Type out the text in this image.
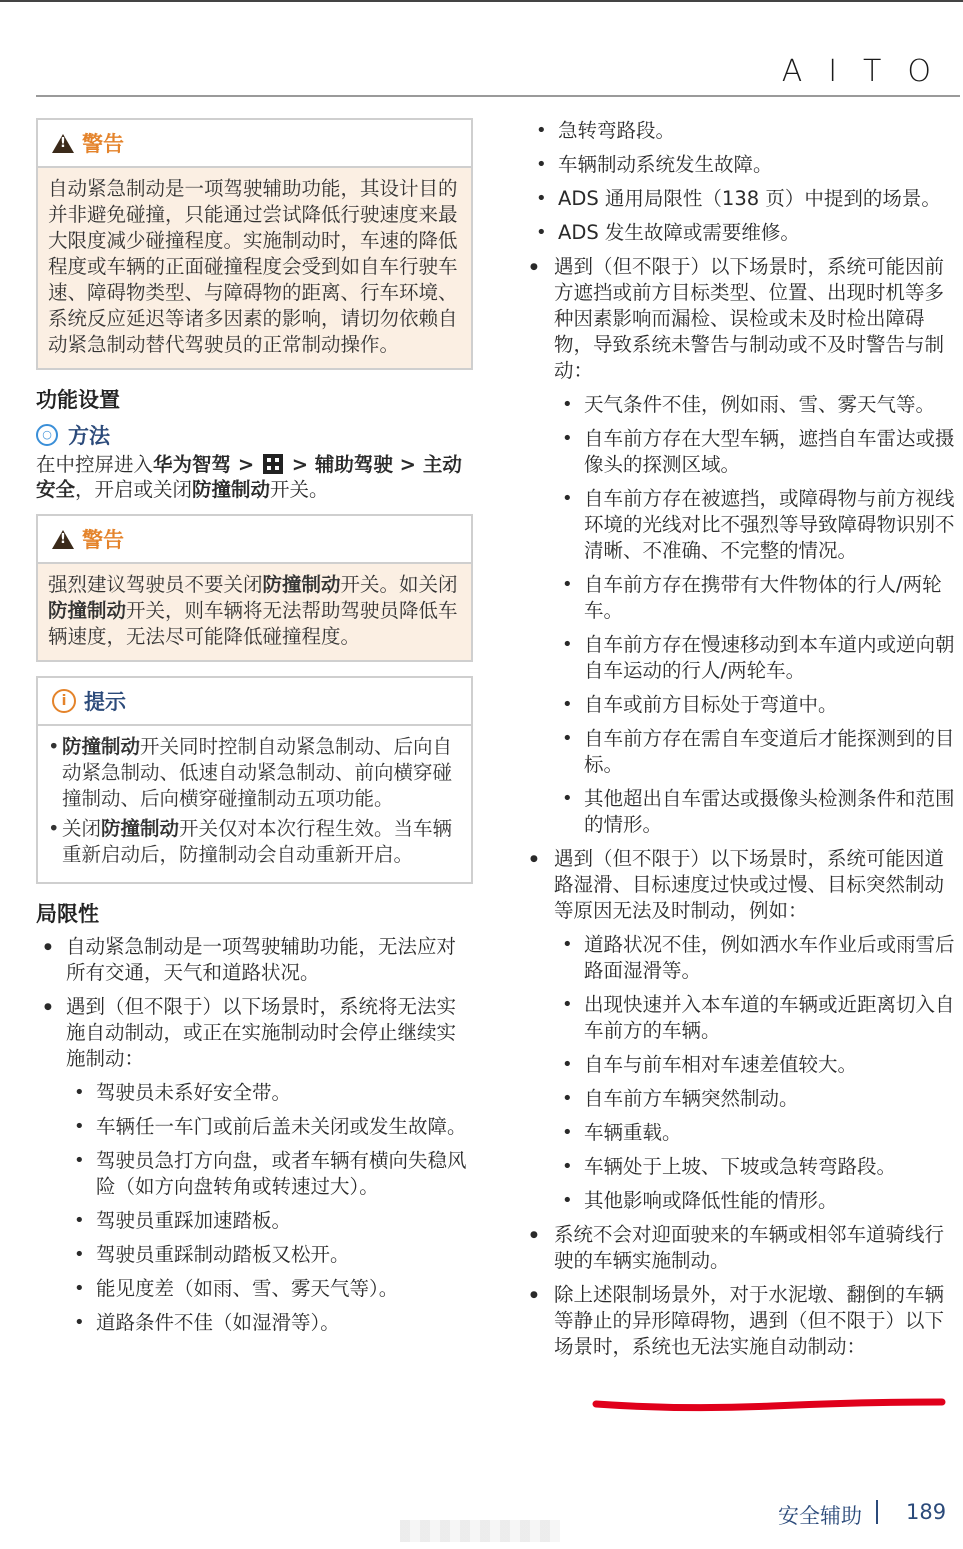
AITO
!
警告
自动紧急制动是一项驾驶辅助功能，其设计目的并非避免碰撞，只能通过尝试降低行驶速度来最大限度减少碰撞程度。实施制动时，车速的降低程度或车辆的正面碰撞程度会受到如自车行驶车速、障碍物类型、与障碍物的距离、行车环境、系统反应延迟等诸多因素的影响，请切勿依赖自动紧急制动替代驾驶员的正常制动操作。
功能设置
○ 方法
在中控屏进入华为智驾 >  > 辅助驾驶 > 主动安全，开启或关闭防撞制动开关。
!
警告
强烈建议驾驶员不要关闭防撞制动开关。如关闭防撞制动开关，则车辆将无法帮助驾驶员降低车辆速度，无法尽可能降低碰撞程度。
i 提示
• 防撞制动开关同时控制自动紧急制动、后向自动紧急制动、低速自动紧急制动、前向横穿碰撞制动、后向横穿碰撞制动五项功能。
• 关闭防撞制动开关仅对本次行程生效。当车辆重新启动后，防撞制动会自动重新开启。
局限性
● 自动紧急制动是一项驾驶辅助功能，无法应对所有交通，天气和道路状况。
● 遇到（但不限于）以下场景时，系统将无法实施自动制动，或正在实施制动时会停止继续实施制动：
• 驾驶员未系好安全带。
• 车辆任一车门或前后盖未关闭或发生故障。
• 驾驶员急打方向盘，或者车辆有横向失稳风险（如方向盘转角或转速过大）。
• 驾驶员重踩加速踏板。
• 驾驶员重踩制动踏板又松开。
• 能见度差（如雨、雪、雾天气等）。
• 道路条件不佳（如湿滑等）。
• 急转弯路段。
• 车辆制动系统发生故障。
• ADS 通用局限性（138 页）中提到的场景。
• ADS 发生故障或需要维修。
● 遇到（但不限于）以下场景时，系统可能因前方遮挡或前方目标类型、位置、出现时机等多种因素影响而漏检、误检或未及时检出障碍物，导致系统未警告与制动或不及时警告与制动：
• 天气条件不佳，例如雨、雪、雾天气等。
• 自车前方存在大型车辆，遮挡自车雷达或摄像头的探测区域。
• 自车前方存在被遮挡，或障碍物与前方视线环境的光线对比不强烈等导致障碍物识别不清晰、不准确、不完整的情况。
• 自车前方存在携带有大件物体的行人/两轮车。
• 自车前方存在慢速移动到本车道内或逆向朝自车运动的行人/两轮车。
• 自车或前方目标处于弯道中。
• 自车前方存在需自车变道后才能探测到的目标。
• 其他超出自车雷达或摄像头检测条件和范围的情形。
● 遇到（但不限于）以下场景时，系统可能因道路湿滑、目标速度过快或过慢、目标突然制动等原因无法及时制动，例如：
• 道路状况不佳，例如洒水车作业后或雨雪后路面湿滑等。
• 出现快速并入本车道的车辆或近距离切入自车前方的车辆。
• 自车与前车相对车速差值较大。
• 自车前方车辆突然制动。
• 车辆重载。
• 车辆处于上坡、下坡或急转弯路段。
• 其他影响或降低性能的情形。
● 系统不会对迎面驶来的车辆或相邻车道骑线行驶的车辆实施制动。
● 除上述限制场景外，对于水泥墩、翻倒的车辆等静止的异形障碍物，遇到（但不限于）以下场景时，系统也无法实施自动制动：
安全辅助 189
